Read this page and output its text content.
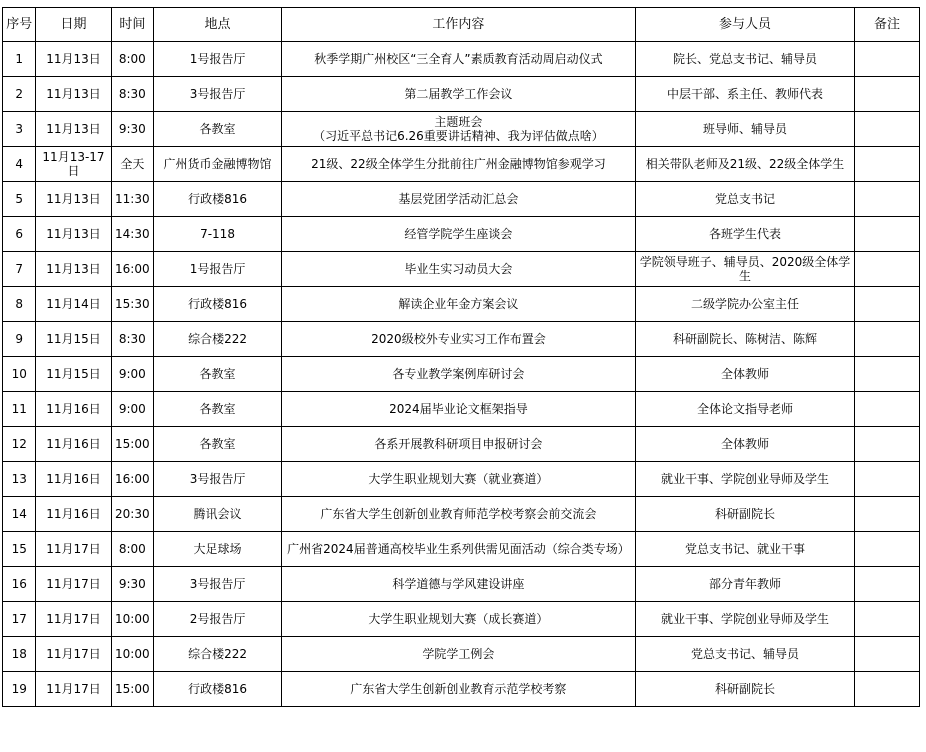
序号	日期	时间	地点	工作内容	参与人员	备注
1	11月13日	8:00	1号报告厅	秋季学期广州校区“三全育人”素质教育活动周启动仪式	院长、党总支书记、辅导员	
2	11月13日	8:30	3号报告厅	第二届教学工作会议	中层干部、系主任、教师代表	
3	11月13日	9:30	各教室	主题班会
（习近平总书记6.26重要讲话精神、我为评估做点啥）	班导师、辅导员	
4	11月13-17日	全天	广州货币金融博物馆	21级、22级全体学生分批前往广州金融博物馆参观学习	相关带队老师及21级、22级全体学生	
5	11月13日	11:30	行政楼816	基层党团学活动汇总会	党总支书记	
6	11月13日	14:30	7-118	经管学院学生座谈会	各班学生代表	
7	11月13日	16:00	1号报告厅	毕业生实习动员大会	学院领导班子、辅导员、2020级全体学生	
8	11月14日	15:30	行政楼816	解读企业年金方案会议	二级学院办公室主任	
9	11月15日	8:30	综合楼222	2020级校外专业实习工作布置会	科研副院长、陈树洁、陈辉	
10	11月15日	9:00	各教室	各专业教学案例库研讨会	全体教师	
11	11月16日	9:00	各教室	2024届毕业论文框架指导	全体论文指导老师	
12	11月16日	15:00	各教室	各系开展教科研项目申报研讨会	全体教师	
13	11月16日	16:00	3号报告厅	大学生职业规划大赛（就业赛道）	就业干事、学院创业导师及学生	
14	11月16日	20:30	腾讯会议	广东省大学生创新创业教育师范学校考察会前交流会	科研副院长	
15	11月17日	8:00	大足球场	广州省2024届普通高校毕业生系列供需见面活动（综合类专场）	党总支书记、就业干事	
16	11月17日	9:30	3号报告厅	科学道德与学风建设讲座	部分青年教师	
17	11月17日	10:00	2号报告厅	大学生职业规划大赛（成长赛道）	就业干事、学院创业导师及学生	
18	11月17日	10:00	综合楼222	学院学工例会	党总支书记、辅导员	
19	11月17日	15:00	行政楼816	广东省大学生创新创业教育示范学校考察	科研副院长	
